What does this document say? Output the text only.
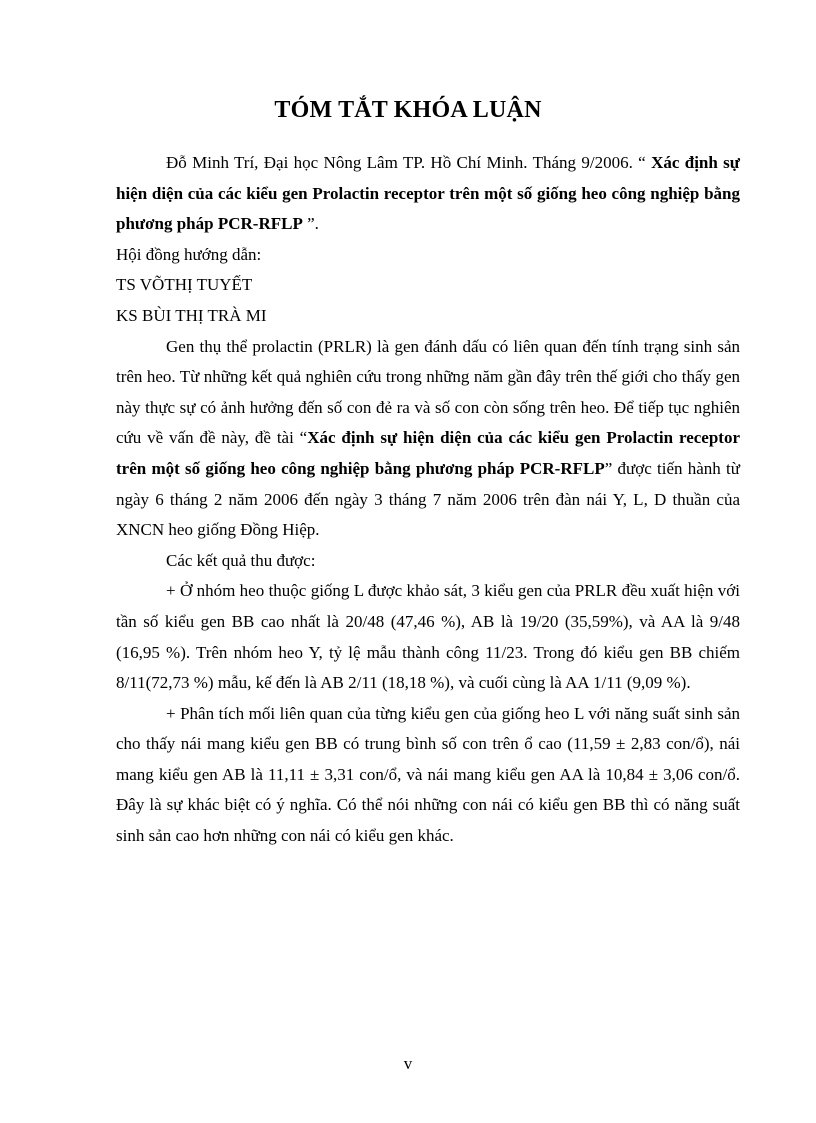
TÓM TẮT KHÓA LUẬN

Đỗ Minh Trí, Đại học Nông Lâm TP. Hồ Chí Minh. Tháng 9/2006. “ Xác định sự hiện diện của các kiểu gen Prolactin receptor trên một số giống heo công nghiệp bằng phương pháp PCR-RFLP ”.

Hội đồng hướng dẫn:

TS VÕTHỊ TUYẾT

KS BÙI THỊ TRÀ MI

Gen thụ thể prolactin (PRLR) là gen đánh dấu có liên quan đến tính trạng sinh sản trên heo. Từ những kết quả nghiên cứu trong những năm gần đây trên thế giới cho thấy gen này thực sự có ảnh hưởng đến số con đẻ ra và số con còn sống trên heo. Để tiếp tục nghiên cứu về vấn đề này, đề tài “Xác định sự hiện diện của các kiểu gen Prolactin receptor trên một số giống heo công nghiệp bằng phương pháp PCR-RFLP” được tiến hành từ ngày 6 tháng 2 năm 2006 đến ngày 3 tháng 7 năm 2006 trên đàn nái Y, L, D thuần của XNCN heo giống Đồng Hiệp.

Các kết quả thu được:

+ Ở nhóm heo thuộc giống L được khảo sát, 3 kiểu gen của PRLR đều xuất hiện với tần số kiểu gen BB cao nhất là 20/48 (47,46 %), AB là 19/20 (35,59%), và AA là 9/48 (16,95 %). Trên nhóm heo Y, tỷ lệ mẫu thành công 11/23. Trong đó kiểu gen BB chiếm 8/11(72,73 %) mẫu, kế đến là AB 2/11 (18,18 %), và cuối cùng là AA 1/11 (9,09 %).

+ Phân tích mối liên quan của từng kiểu gen của giống heo L với năng suất sinh sản cho thấy nái mang kiểu gen BB có trung bình số con trên ổ cao (11,59 ± 2,83 con/ổ), nái mang kiểu gen AB là 11,11 ± 3,31 con/ổ, và nái mang kiểu gen AA là 10,84 ± 3,06 con/ổ. Đây là sự khác biệt có ý nghĩa. Có thể nói những con nái có kiểu gen BB thì có năng suất sinh sản cao hơn những con nái có kiểu gen khác.

v
